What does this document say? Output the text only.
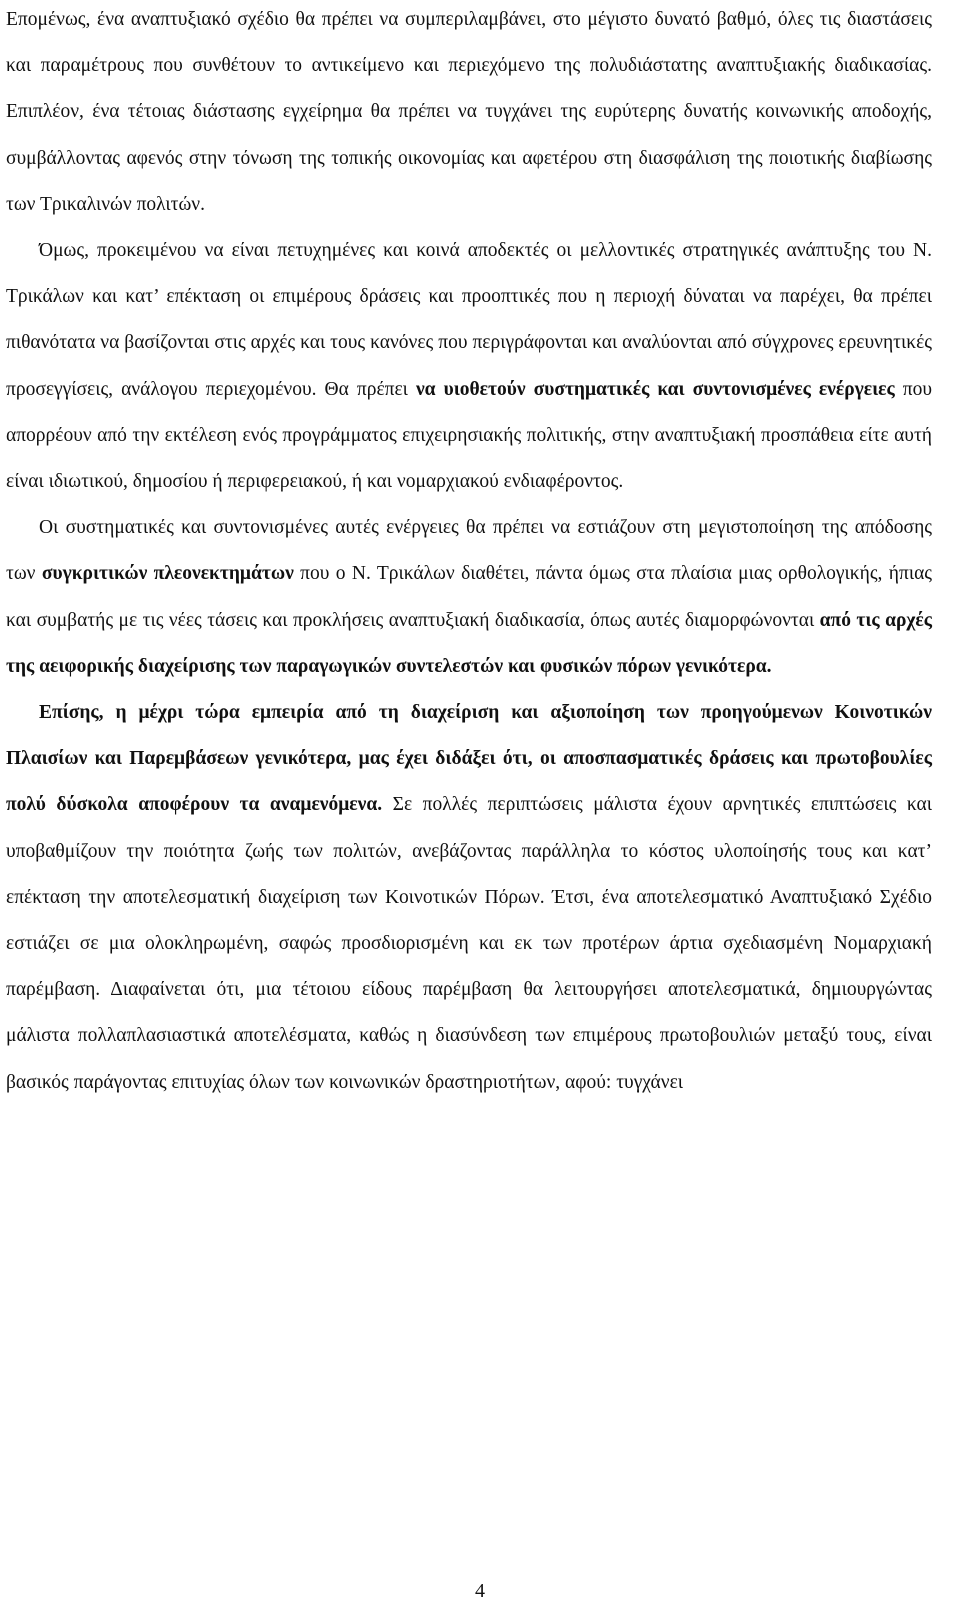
Επομένως, ένα αναπτυξιακό σχέδιο θα πρέπει να συμπεριλαμβάνει, στο μέγιστο δυνατό βαθμό, όλες τις διαστάσεις και παραμέτρους που συνθέτουν το αντικείμενο και περιεχόμενο της πολυδιάστατης αναπτυξιακής διαδικασίας. Επιπλέον, ένα τέτοιας διάστασης εγχείρημα θα πρέπει να τυγχάνει της ευρύτερης δυνατής κοινωνικής αποδοχής, συμβάλλοντας αφενός στην τόνωση της τοπικής οικονομίας και αφετέρου στη διασφάλιση της ποιοτικής διαβίωσης των Τρικαλινών πολιτών.

Όμως, προκειμένου να είναι πετυχημένες και κοινά αποδεκτές οι μελλοντικές στρατηγικές ανάπτυξης του Ν. Τρικάλων και κατ’ επέκταση οι επιμέρους δράσεις και προοπτικές που η περιοχή δύναται να παρέχει, θα πρέπει πιθανότατα να βασίζονται στις αρχές και τους κανόνες που περιγράφονται και αναλύονται από σύγχρονες ερευνητικές προσεγγίσεις, ανάλογου περιεχομένου. Θα πρέπει να υιοθετούν συστηματικές και συντονισμένες ενέργειες που απορρέουν από την εκτέλεση ενός προγράμματος επιχειρησιακής πολιτικής, στην αναπτυξιακή προσπάθεια είτε αυτή είναι ιδιωτικού, δημοσίου ή περιφερειακού, ή και νομαρχιακού ενδιαφέροντος.

Οι συστηματικές και συντονισμένες αυτές ενέργειες θα πρέπει να εστιάζουν στη μεγιστοποίηση της απόδοσης των συγκριτικών πλεονεκτημάτων που ο Ν. Τρικάλων διαθέτει, πάντα όμως στα πλαίσια μιας ορθολογικής, ήπιας και συμβατής με τις νέες τάσεις και προκλήσεις αναπτυξιακή διαδικασία, όπως αυτές διαμορφώνονται από τις αρχές της αειφορικής διαχείρισης των παραγωγικών συντελεστών και φυσικών πόρων γενικότερα.

Επίσης, η μέχρι τώρα εμπειρία από τη διαχείριση και αξιοποίηση των προηγούμενων Κοινοτικών Πλαισίων και Παρεμβάσεων γενικότερα, μας έχει διδάξει ότι, οι αποσπασματικές δράσεις και πρωτοβουλίες πολύ δύσκολα αποφέρουν τα αναμενόμενα. Σε πολλές περιπτώσεις μάλιστα έχουν αρνητικές επιπτώσεις και υποβαθμίζουν την ποιότητα ζωής των πολιτών, ανεβάζοντας παράλληλα το κόστος υλοποίησής τους και κατ’ επέκταση την αποτελεσματική διαχείριση των Κοινοτικών Πόρων. Έτσι, ένα αποτελεσματικό Αναπτυξιακό Σχέδιο εστιάζει σε μια ολοκληρωμένη, σαφώς προσδιορισμένη και εκ των προτέρων άρτια σχεδιασμένη Νομαρχιακή παρέμβαση. Διαφαίνεται ότι, μια τέτοιου είδους παρέμβαση θα λειτουργήσει αποτελεσματικά, δημιουργώντας μάλιστα πολλαπλασιαστικά αποτελέσματα, καθώς η διασύνδεση των επιμέρους πρωτοβουλιών μεταξύ τους, είναι βασικός παράγοντας επιτυχίας όλων των κοινωνικών δραστηριοτήτων, αφού: τυγχάνει

4
